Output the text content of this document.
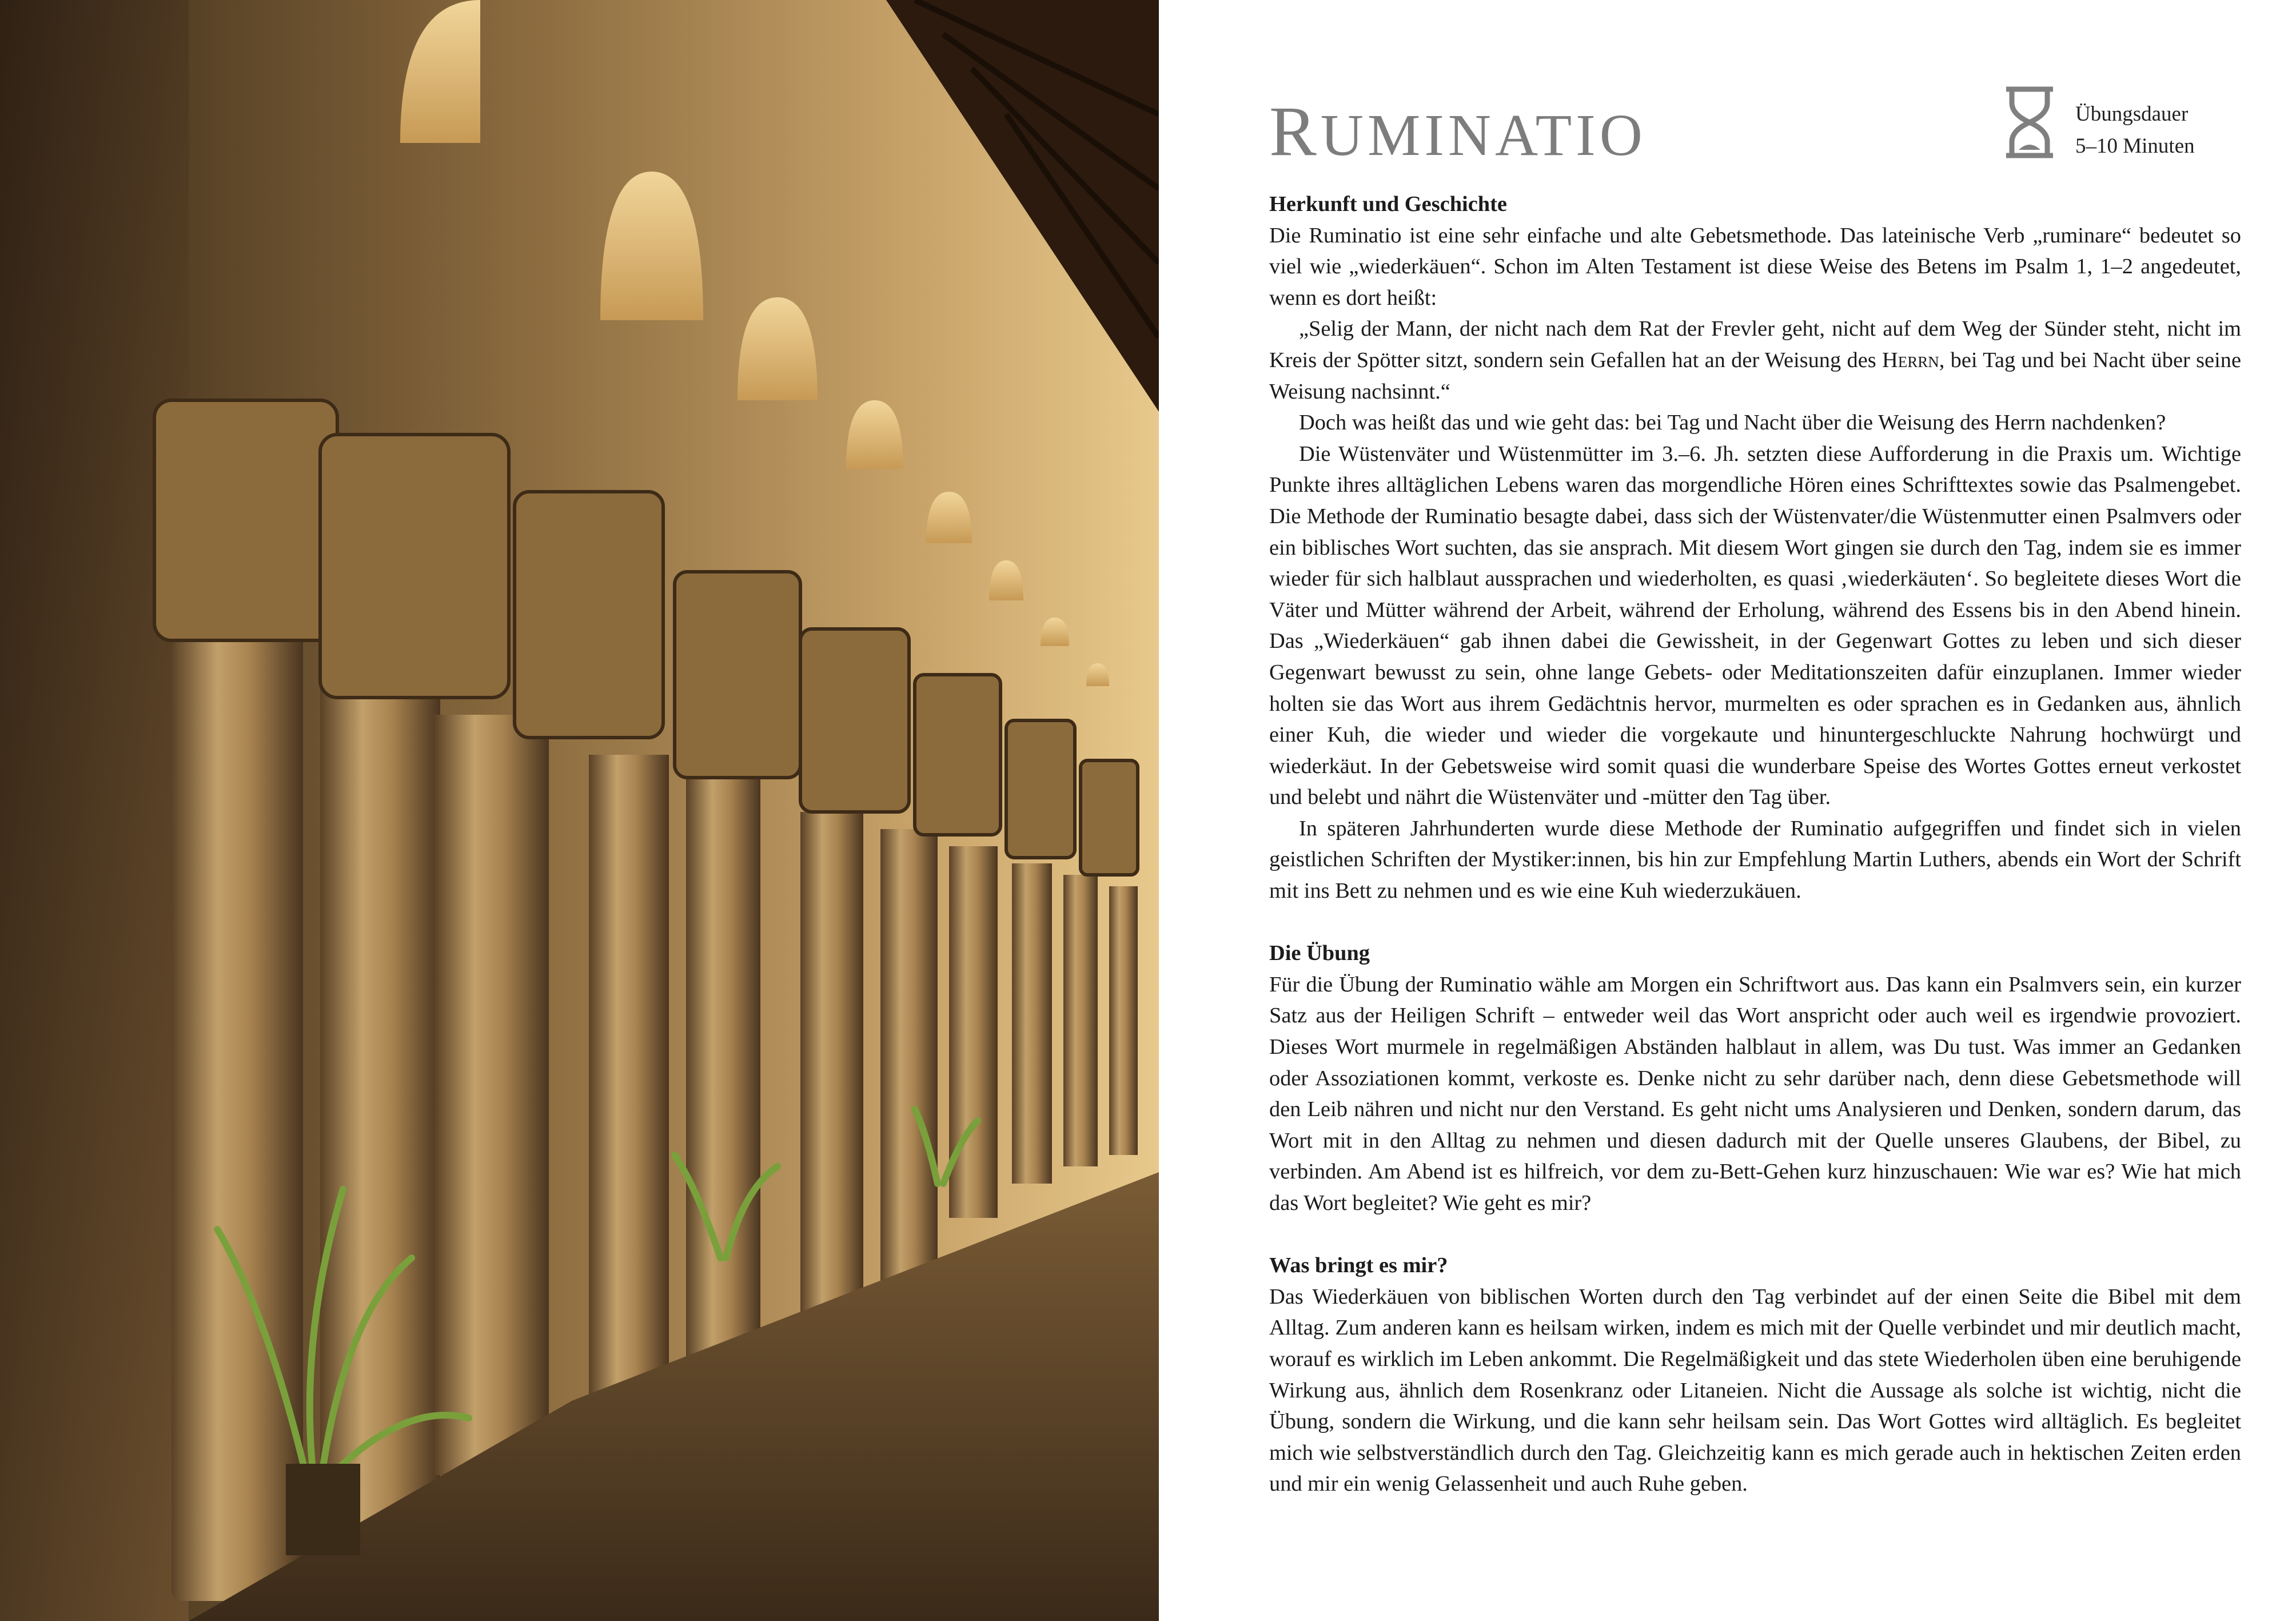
RUMINATIO	Übungsdauer
5–10 Minuten
Herkunft und Geschichte

Die Ruminatio ist eine sehr einfache und alte Gebetsmethode. Das lateinische Verb „ruminare“ bedeutet so viel wie „wiederkäuen“. Schon im Alten Testament ist diese Weise des Betens im Psalm 1, 1–2 angedeutet, wenn es dort heißt:

„Selig der Mann, der nicht nach dem Rat der Frevler geht, nicht auf dem Weg der Sünder steht, nicht im Kreis der Spötter sitzt, sondern sein Gefallen hat an der Weisung des Herrn, bei Tag und bei Nacht über seine Weisung nachsinnt.“

Doch was heißt das und wie geht das: bei Tag und Nacht über die Weisung des Herrn nachdenken?

Die Wüstenväter und Wüstenmütter im 3.–6. Jh. setzten diese Aufforderung in die Praxis um. Wichtige Punkte ihres alltäglichen Lebens waren das morgendliche Hören eines Schrifttextes sowie das Psalmengebet. Die Methode der Ruminatio besagte dabei, dass sich der Wüstenvater/die Wüstenmutter einen Psalmvers oder ein biblisches Wort suchten, das sie ansprach. Mit diesem Wort gingen sie durch den Tag, indem sie es immer wieder für sich halblaut aussprachen und wiederholten, es quasi ‚wiederkäuten‘. So begleitete dieses Wort die Väter und Mütter während der Arbeit, während der Erholung, während des Essens bis in den Abend hinein. Das „Wiederkäuen“ gab ihnen dabei die Gewissheit, in der Gegenwart Gottes zu leben und sich dieser Gegenwart bewusst zu sein, ohne lange Gebets- oder Meditationszeiten dafür einzuplanen. Immer wieder holten sie das Wort aus ihrem Gedächtnis hervor, murmelten es oder sprachen es in Gedanken aus, ähnlich einer Kuh, die wieder und wieder die vorgekaute und hinuntergeschluckte Nahrung hochwürgt und wiederkäut. In der Gebetsweise wird somit quasi die wunderbare Speise des Wortes Gottes erneut verkostet und belebt und nährt die Wüstenväter und -mütter den Tag über.

In späteren Jahrhunderten wurde diese Methode der Ruminatio aufgegriffen und findet sich in vielen geistlichen Schriften der Mystiker:innen, bis hin zur Empfehlung Martin Luthers, abends ein Wort der Schrift mit ins Bett zu nehmen und es wie eine Kuh wiederzukäuen.

Die Übung

Für die Übung der Ruminatio wähle am Morgen ein Schriftwort aus. Das kann ein Psalmvers sein, ein kurzer Satz aus der Heiligen Schrift – entweder weil das Wort anspricht oder auch weil es irgendwie provoziert. Dieses Wort murmele in regelmäßigen Abständen halblaut in allem, was Du tust. Was immer an Gedanken oder Assoziationen kommt, verkoste es. Denke nicht zu sehr darüber nach, denn diese Gebetsmethode will den Leib nähren und nicht nur den Verstand. Es geht nicht ums Analysieren und Denken, sondern darum, das Wort mit in den Alltag zu nehmen und diesen dadurch mit der Quelle unseres Glaubens, der Bibel, zu verbinden. Am Abend ist es hilfreich, vor dem zu-Bett-Gehen kurz hinzuschauen: Wie war es? Wie hat mich das Wort begleitet? Wie geht es mir?

Was bringt es mir?

Das Wiederkäuen von biblischen Worten durch den Tag verbindet auf der einen Seite die Bibel mit dem Alltag. Zum anderen kann es heilsam wirken, indem es mich mit der Quelle verbindet und mir deutlich macht, worauf es wirklich im Leben ankommt. Die Regelmäßigkeit und das stete Wiederholen üben eine beruhigende Wirkung aus, ähnlich dem Rosenkranz oder Litaneien. Nicht die Aussage als solche ist wichtig, nicht die Übung, sondern die Wirkung, und die kann sehr heilsam sein. Das Wort Gottes wird alltäglich. Es begleitet mich wie selbstverständlich durch den Tag. Gleichzeitig kann es mich gerade auch in hektischen Zeiten erden und mir ein wenig Gelassenheit und auch Ruhe geben.
